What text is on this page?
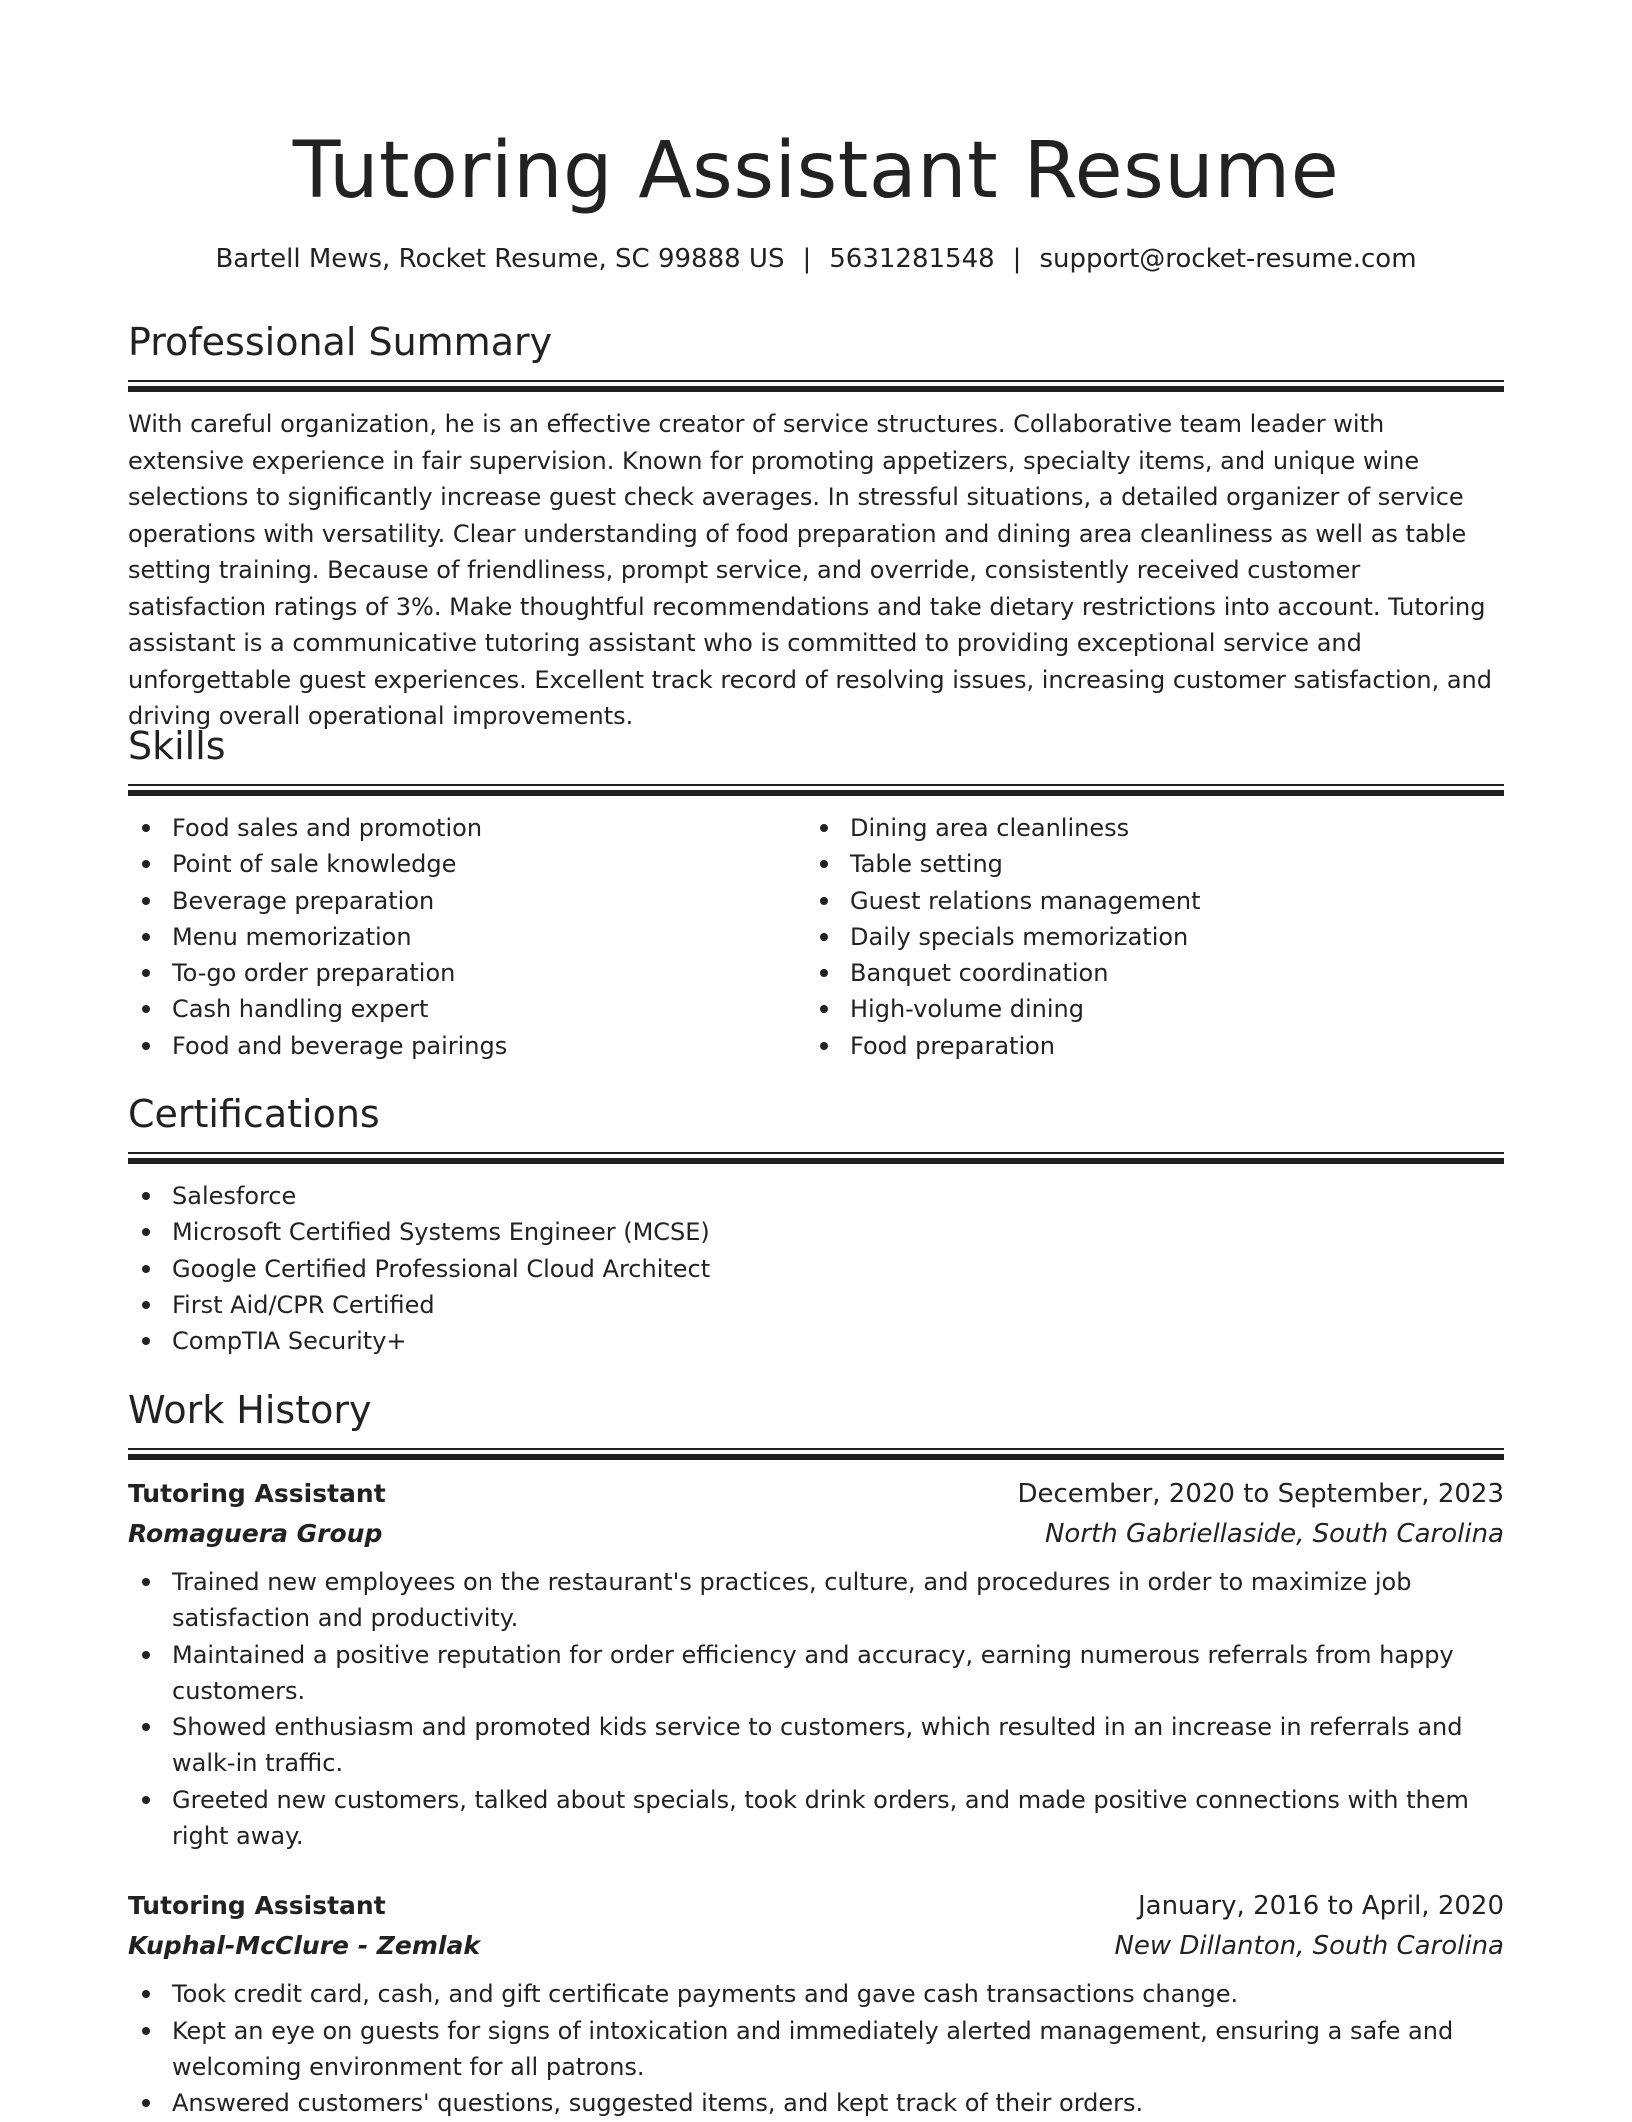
Tutoring Assistant Resume
Bartell Mews, Rocket Resume, SC 99888 US | 5631281548 | support@rocket-resume.com
Professional Summary

With careful organization, he is an effective creator of service structures. Collaborative team leader with extensive experience in fair supervision. Known for promoting appetizers, specialty items, and unique wine selections to significantly increase guest check averages. In stressful situations, a detailed organizer of service operations with versatility. Clear understanding of food preparation and dining area cleanliness as well as table setting training. Because of friendliness, prompt service, and override, consistently received customer satisfaction ratings of 3%. Make thoughtful recommendations and take dietary restrictions into account. Tutoring assistant is a communicative tutoring assistant who is committed to providing exceptional service and unforgettable guest experiences. Excellent track record of resolving issues, increasing customer satisfaction, and driving overall operational improvements.

Skills
Food sales and promotion
Point of sale knowledge
Beverage preparation
Menu memorization
To-go order preparation
Cash handling expert
Food and beverage pairings
Dining area cleanliness
Table setting
Guest relations management
Daily specials memorization
Banquet coordination
High-volume dining
Food preparation
Certifications
Salesforce
Microsoft Certified Systems Engineer (MCSE)
Google Certified Professional Cloud Architect
First Aid/CPR Certified
CompTIA Security+
Work History
Tutoring Assistant	December, 2020 to September, 2023
Romaguera Group	North Gabriellaside, South Carolina
Trained new employees on the restaurant's practices, culture, and procedures in order to maximize job satisfaction and productivity.
Maintained a positive reputation for order efficiency and accuracy, earning numerous referrals from happy customers.
Showed enthusiasm and promoted kids service to customers, which resulted in an increase in referrals and walk-in traffic.
Greeted new customers, talked about specials, took drink orders, and made positive connections with them right away.
Tutoring Assistant	January, 2016 to April, 2020
Kuphal-McClure - Zemlak	New Dillanton, South Carolina
Took credit card, cash, and gift certificate payments and gave cash transactions change.
Kept an eye on guests for signs of intoxication and immediately alerted management, ensuring a safe and welcoming environment for all patrons.
Answered customers' questions, suggested items, and kept track of their orders.
